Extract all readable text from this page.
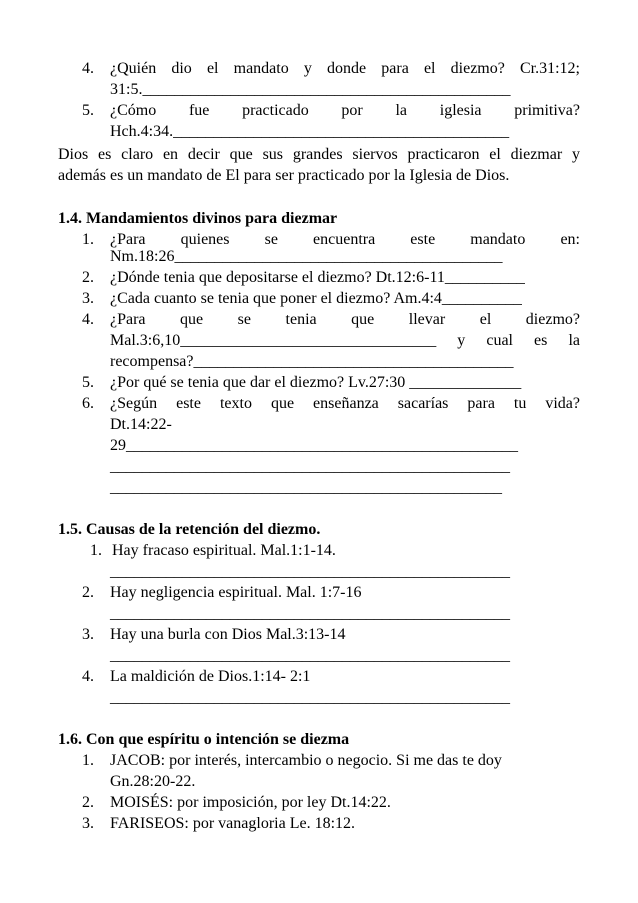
4. ¿Quién dio el mandato y donde para el diezmo? Cr.31:12;
31:5.______________________________________________
5. ¿Cómo fue practicado por la iglesia primitiva?
Hch.4:34.__________________________________________
Dios es claro en decir que sus grandes siervos practicaron el diezmar y
además es un mandato de El para ser practicado por la Iglesia de Dios.
1.4. Mandamientos divinos para diezmar
1. ¿Para quienes se encuentra este mandato en:
Nm.18:26_________________________________________
2. ¿Dónde tenia que depositarse el diezmo? Dt.12:6-11__________
3. ¿Cada cuanto se tenia que poner el diezmo? Am.4:4__________
4. ¿Para que se tenia que llevar el diezmo?
Mal.3:6,10________________________________ y cual es la
recompensa?________________________________________
5. ¿Por qué se tenia que dar el diezmo? Lv.27:30 ______________
6. ¿Según este texto que enseñanza sacarías para tu vida?
Dt.14:22-
29_________________________________________________
__________________________________________________
_________________________________________________
1.5. Causas de la retención del diezmo.
1. Hay fracaso espiritual. Mal.1:1-14.
__________________________________________________
2. Hay negligencia espiritual. Mal. 1:7-16
__________________________________________________
3. Hay una burla con Dios Mal.3:13-14
__________________________________________________
4. La maldición de Dios.1:14- 2:1
__________________________________________________
1.6. Con que espíritu o intención se diezma
1. JACOB: por interés, intercambio o negocio. Si me das te doy
Gn.28:20-22.
2. MOISÉS: por imposición, por ley Dt.14:22.
3. FARISEOS: por vanagloria Le. 18:12.
